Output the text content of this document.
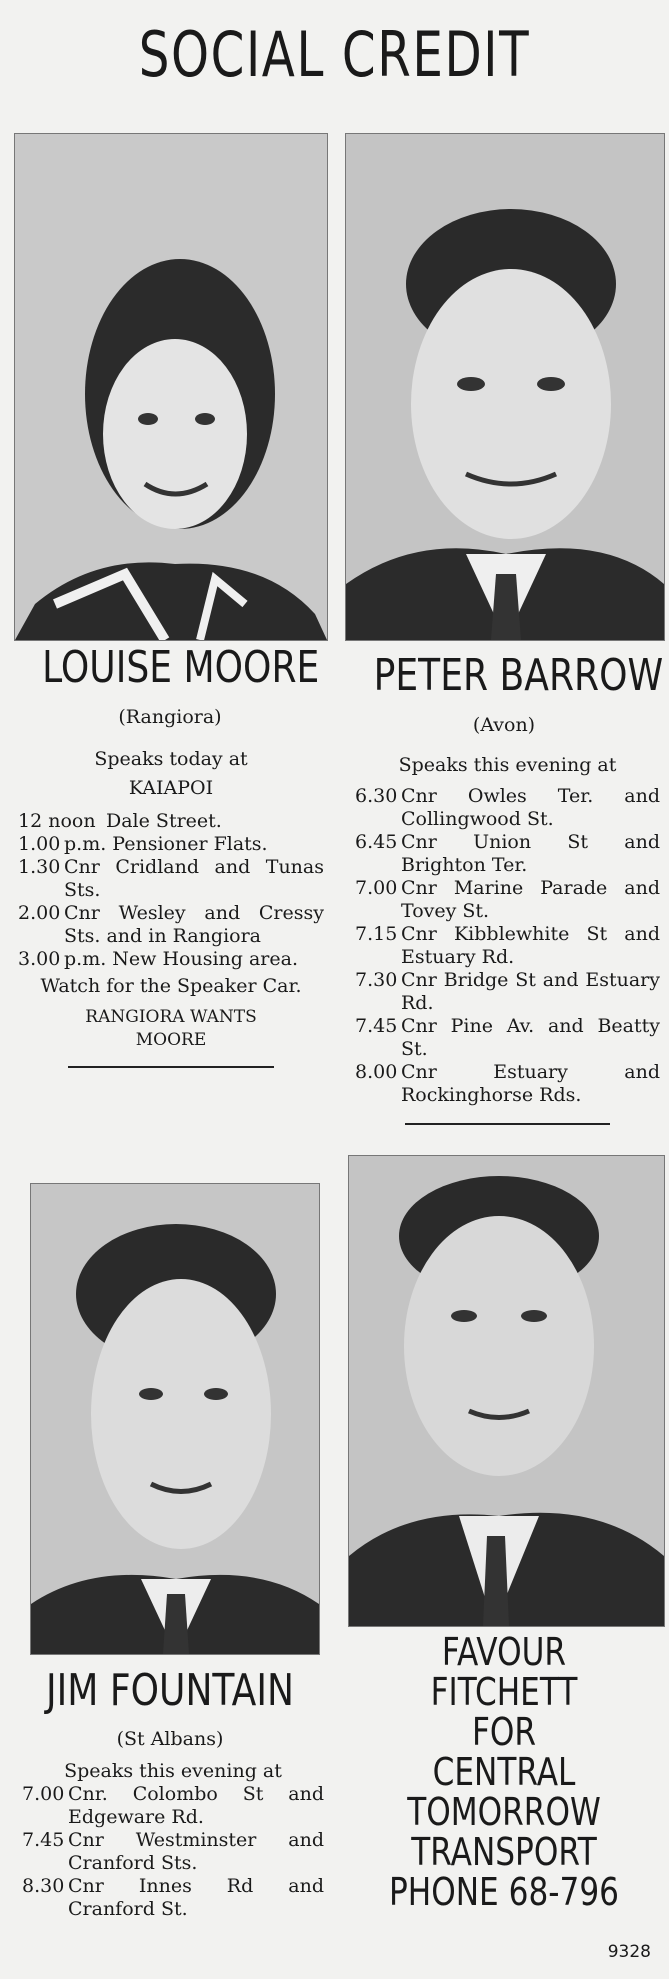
SOCIAL CREDIT
LOUISE MOORE PETER BARROW
(Rangiora)	(Avon)
Speaks today at
KAIAPOI
12 noon Dale Street.
1.00 p.m. Pensioner Flats.
1.30 Cnr Cridland and Tunas Sts.
2.00 Cnr Wesley and Cressy Sts. and in Rangiora
3.00 p.m. New Housing area.
Watch for the Speaker Car.
RANGIORA WANTS MOORE
Speaks this evening at
6.30 Cnr Owles Ter. and Collingwood St.
6.45 Cnr Union St and Brighton Ter.
7.00 Cnr Marine Parade and Tovey St.
7.15 Cnr Kibblewhite St and Estuary Rd.
7.30 Cnr Bridge St and Estuary Rd.
7.45 Cnr Pine Av. and Beatty St.
8.00 Cnr Estuary and Rockinghorse Rds.
JIM FOUNTAIN
(St Albans)
Speaks this evening at
7.00 Cnr. Colombo St and Edgeware Rd.
7.45 Cnr Westminster and Cranford Sts.
8.30 Cnr Innes Rd and Cranford St.
FAVOUR
FITCHETT
FOR
CENTRAL
TOMORROW
TRANSPORT
PHONE 68-796
9328
